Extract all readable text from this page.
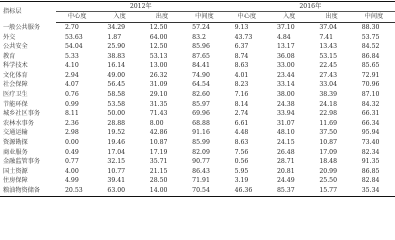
指标层	2012年				2016年			
	中心度	入度	出度	中间度	中心度	入度	出度	中间度
一般公共服务	2.70	34.29	12.50	57.24	9.13	37.10	37.04	88.30
外交	53.63	1.87	64.00	83.2	43.73	4.84	7.41	53.75
公共安全	54.04	25.90	12.50	85.96	6.37	13.17	13.43	84.52
教育	5.33	38.83	53.13	87.65	8.74	36.08	53.15	86.84
科学技术	4.10	16.14	13.00	84.41	8.63	33.00	22.45	85.65
文化体育	2.94	49.00	26.32	74.90	4.01	23.44	27.43	72.91
社会保障	4.07	56.45	31.09	64.54	8.23	33.14	33.04	70.96
医疗卫生	0.76	58.58	29.10	82.60	7.16	38.00	38.39	87.10
节能环保	0.99	53.58	31.35	85.97	8.14	24.38	24.18	84.32
城乡社区事务	8.11	50.00	71.43	69.96	2.74	33.94	22.98	66.31
农林水事务	2.36	28.88	8.00	68.88	6.61	31.07	11.69	66.34
交通运输	2.98	19.52	42.86	91.16	4.48	48.10	37.50	95.94
资源勘探	0.00	19.46	10.87	85.99	8.63	24.15	10.87	73.40
商业服务	0.49	17.04	17.19	82.09	7.56	26.48	17.09	82.34
金融监管事务	0.77	32.15	35.71	90.77	0.56	28.71	18.48	91.35
国土资源	4.00	10.77	21.15	86.43	5.95	20.81	20.99	86.85
住房保障	4.99	39.41	28.50	71.91	3.19	24.49	25.50	82.84
粮油物资储备	20.53	63.00	14.00	70.54	46.36	85.37	15.77	35.34
